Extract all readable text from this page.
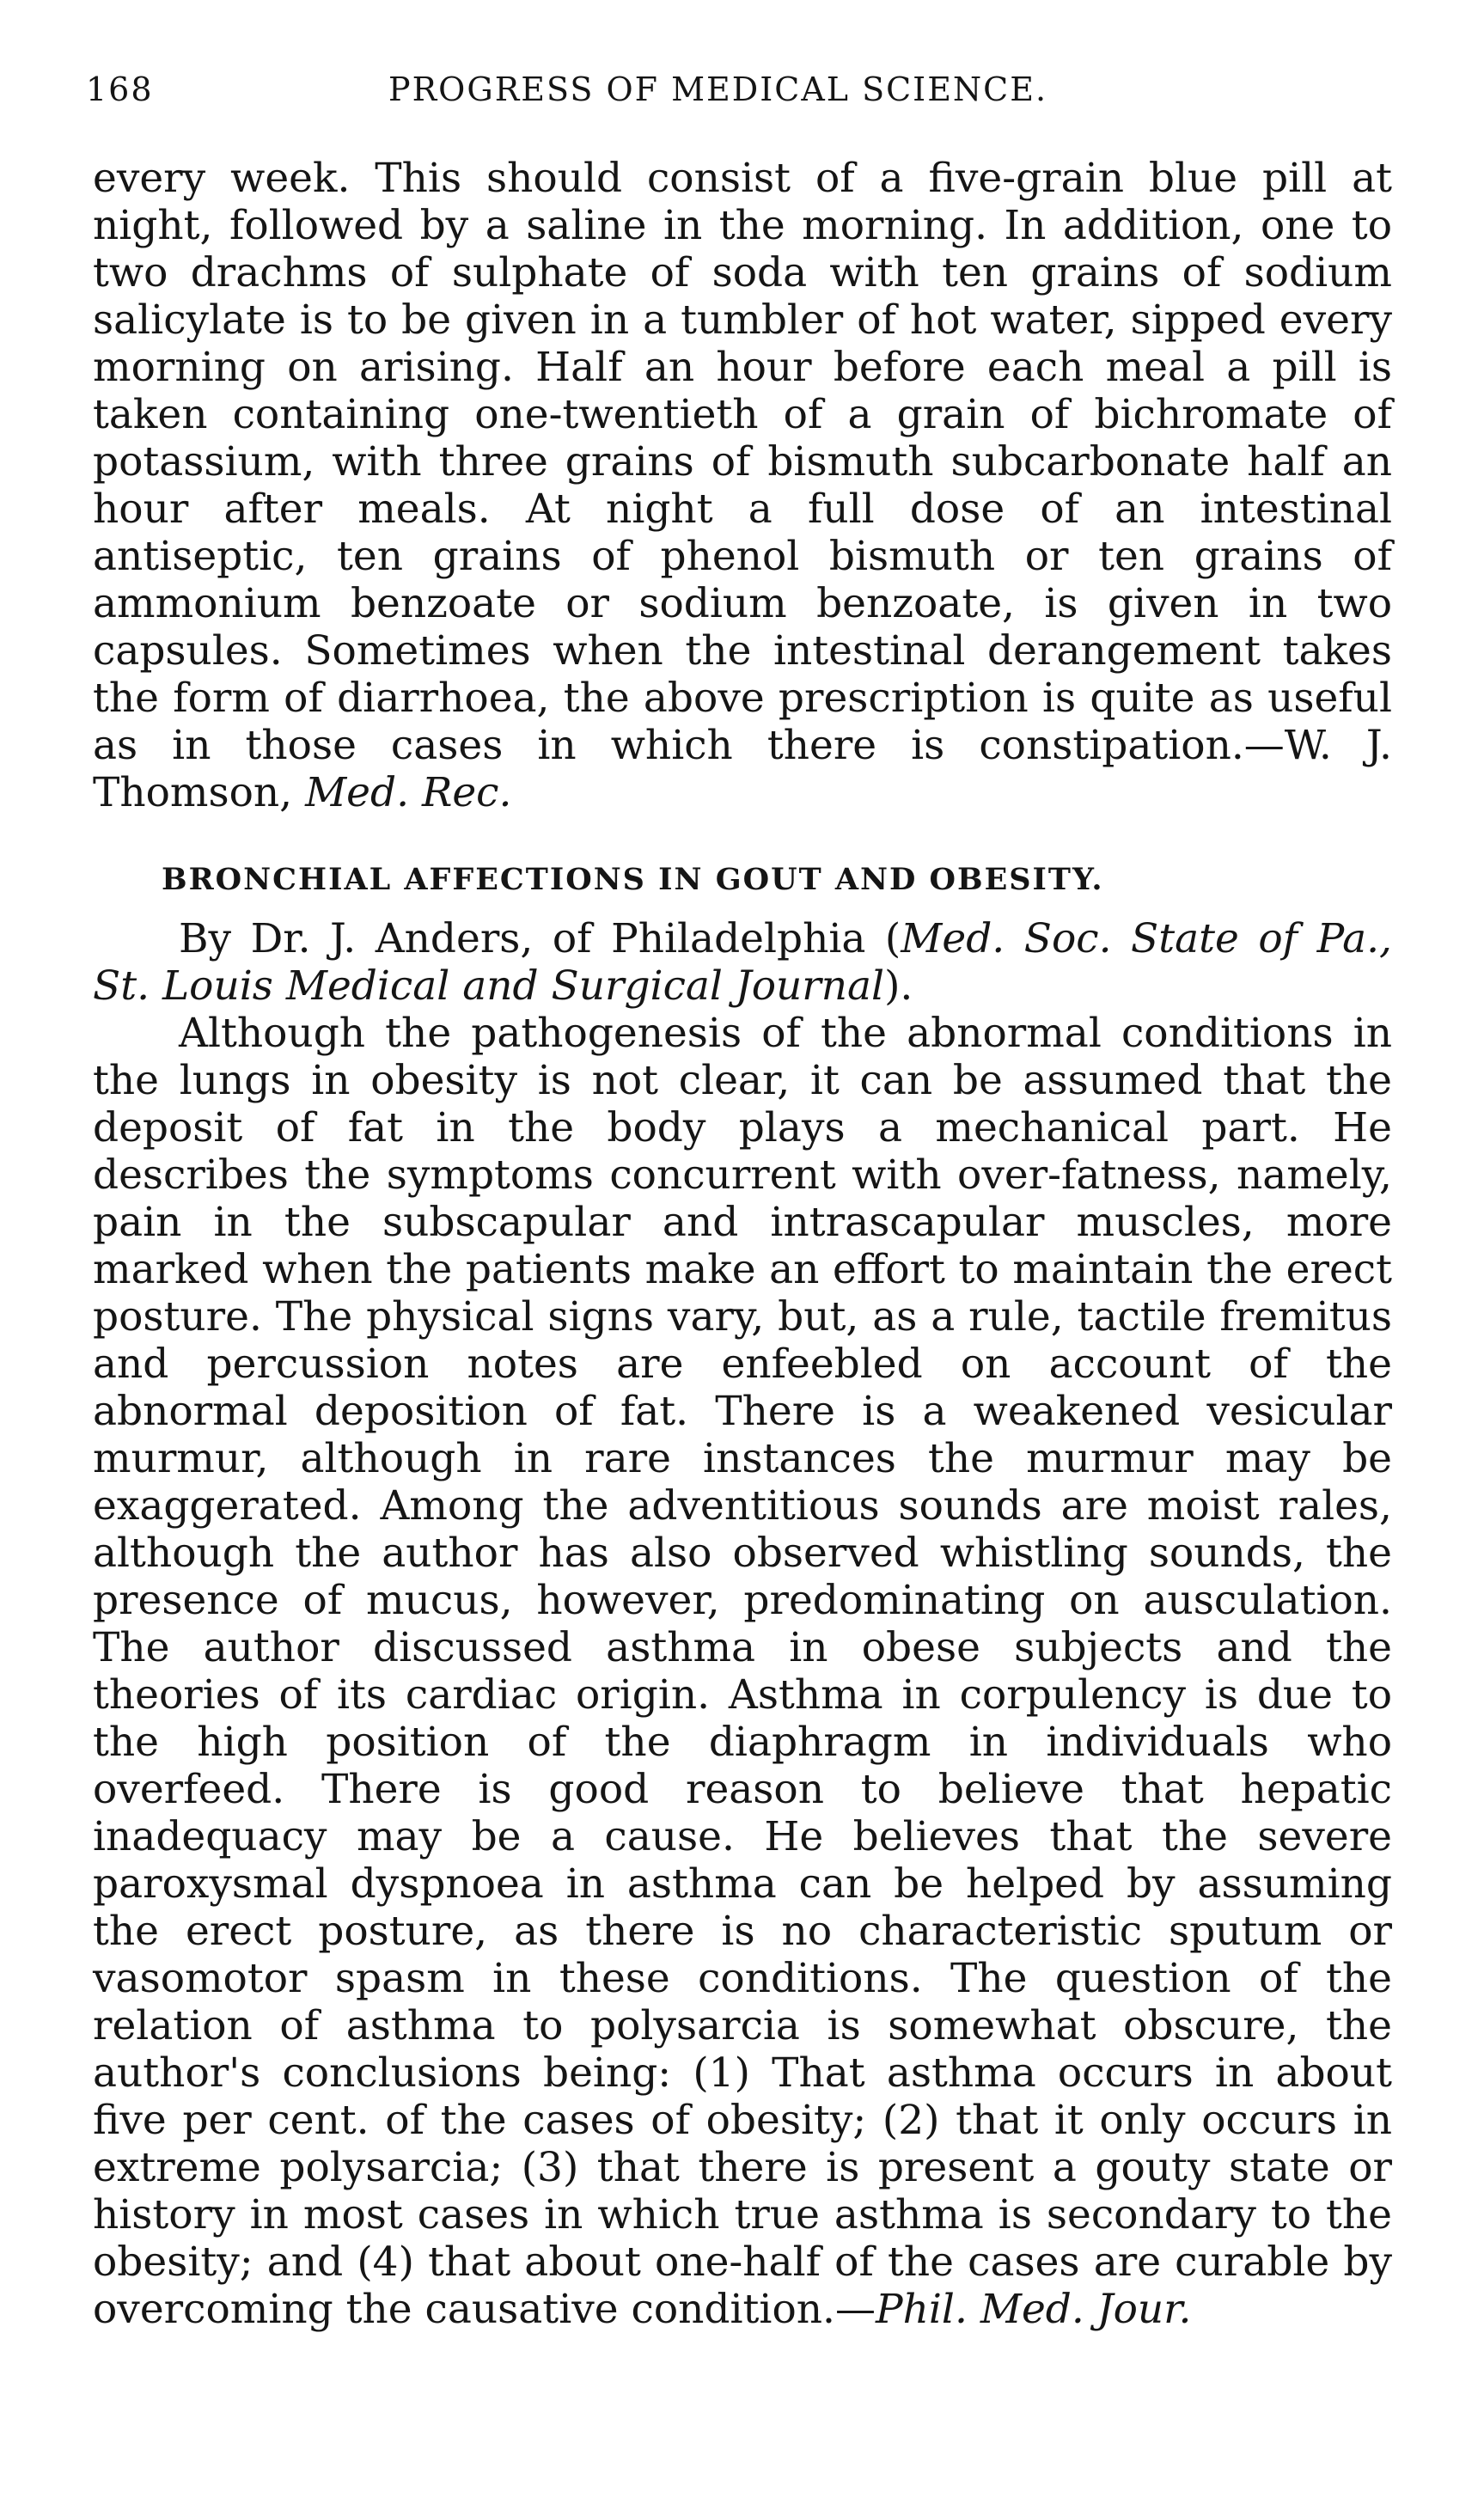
168	PROGRESS OF MEDICAL SCIENCE.

every week. This should consist of a five-grain blue pill at night, followed by a saline in the morning. In addition, one to two drachms of sulphate of soda with ten grains of sodium salicylate is to be given in a tumbler of hot water, sipped every morning on arising. Half an hour before each meal a pill is taken containing one-twentieth of a grain of bichromate of potassium, with three grains of bismuth subcarbonate half an hour after meals. At night a full dose of an intestinal antiseptic, ten grains of phenol bismuth or ten grains of ammonium benzoate or sodium benzoate, is given in two capsules. Sometimes when the intestinal derangement takes the form of diarrhoea, the above prescription is quite as useful as in those cases in which there is constipation.—W. J. Thomson, Med. Rec.

BRONCHIAL AFFECTIONS IN GOUT AND OBESITY.

By Dr. J. Anders, of Philadelphia (Med. Soc. State of Pa., St. Louis Medical and Surgical Journal).

Although the pathogenesis of the abnormal conditions in the lungs in obesity is not clear, it can be assumed that the deposit of fat in the body plays a mechanical part. He describes the symptoms concurrent with over-fatness, namely, pain in the subscapular and intrascapular muscles, more marked when the patients make an effort to maintain the erect posture. The physical signs vary, but, as a rule, tactile fremitus and percussion notes are enfeebled on account of the abnormal deposition of fat. There is a weakened vesicular murmur, although in rare instances the murmur may be exaggerated. Among the adventitious sounds are moist rales, although the author has also observed whistling sounds, the presence of mucus, however, predominating on ausculation. The author discussed asthma in obese subjects and the theories of its cardiac origin. Asthma in corpulency is due to the high position of the diaphragm in individuals who overfeed. There is good reason to believe that hepatic inadequacy may be a cause. He believes that the severe paroxysmal dyspnoea in asthma can be helped by assuming the erect posture, as there is no characteristic sputum or vasomotor spasm in these conditions. The question of the relation of asthma to polysarcia is somewhat obscure, the author's conclusions being: (1) That asthma occurs in about five per cent. of the cases of obesity; (2) that it only occurs in extreme polysarcia; (3) that there is present a gouty state or history in most cases in which true asthma is secondary to the obesity; and (4) that about one-half of the cases are curable by overcoming the causative condition.—Phil. Med. Jour.
